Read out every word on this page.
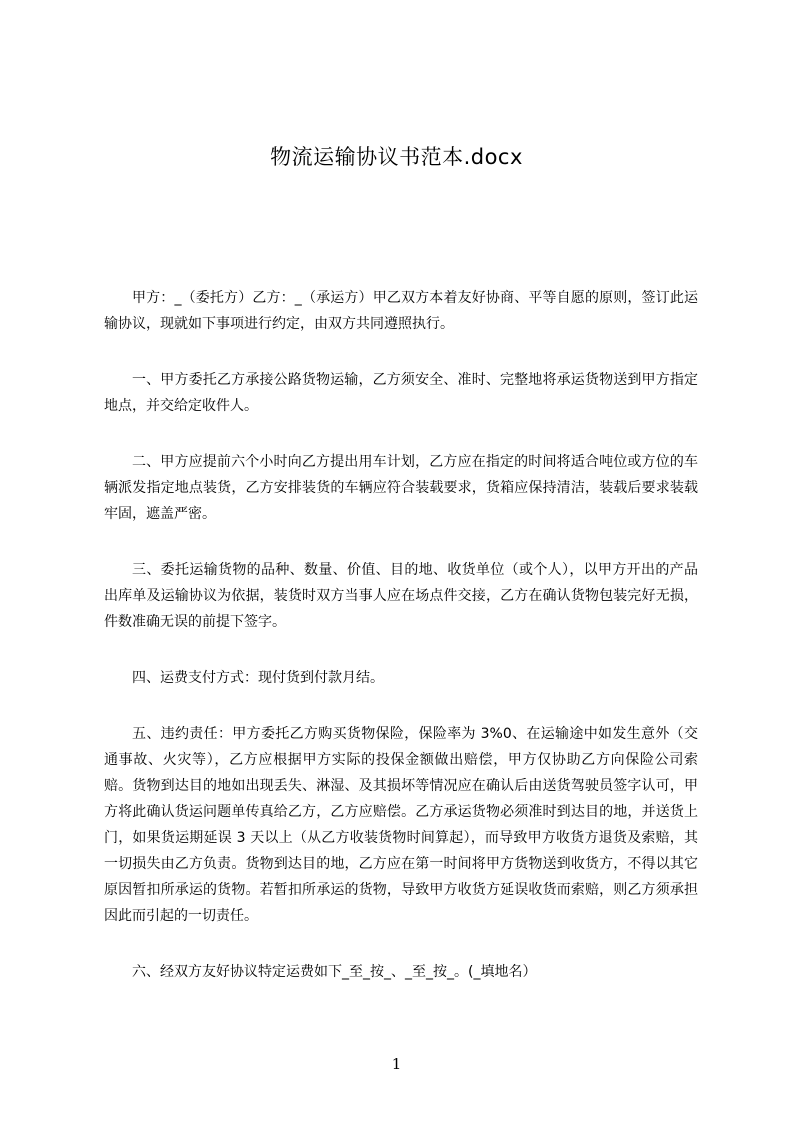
物流运输协议书范本.docx

甲方：_（委托方）乙方：_（承运方）甲乙双方本着友好协商、平等自愿的原则，签订此运输协议，现就如下事项进行约定，由双方共同遵照执行。

一、甲方委托乙方承接公路货物运输，乙方须安全、准时、完整地将承运货物送到甲方指定地点，并交给定收件人。

二、甲方应提前六个小时向乙方提出用车计划，乙方应在指定的时间将适合吨位或方位的车辆派发指定地点装货，乙方安排装货的车辆应符合装载要求，货箱应保持清洁，装载后要求装载牢固，遮盖严密。

三、委托运输货物的品种、数量、价值、目的地、收货单位（或个人），以甲方开出的产品出库单及运输协议为依据，装货时双方当事人应在场点件交接，乙方在确认货物包装完好无损，件数准确无误的前提下签字。

四、运费支付方式：现付货到付款月结。

五、违约责任：甲方委托乙方购买货物保险，保险率为 3%0、在运输途中如发生意外（交通事故、火灾等），乙方应根据甲方实际的投保金额做出赔偿，甲方仅协助乙方向保险公司索赔。货物到达目的地如出现丢失、淋湿、及其损坏等情况应在确认后由送货驾驶员签字认可，甲方将此确认货运问题单传真给乙方，乙方应赔偿。乙方承运货物必须准时到达目的地，并送货上门，如果货运期延误 3 天以上（从乙方收装货物时间算起），而导致甲方收货方退货及索赔，其一切损失由乙方负责。货物到达目的地，乙方应在第一时间将甲方货物送到收货方，不得以其它原因暂扣所承运的货物。若暂扣所承运的货物，导致甲方收货方延误收货而索赔，则乙方须承担因此而引起的一切责任。

六、经双方友好协议特定运费如下_至_按_、_至_按_。(_填地名）

1
